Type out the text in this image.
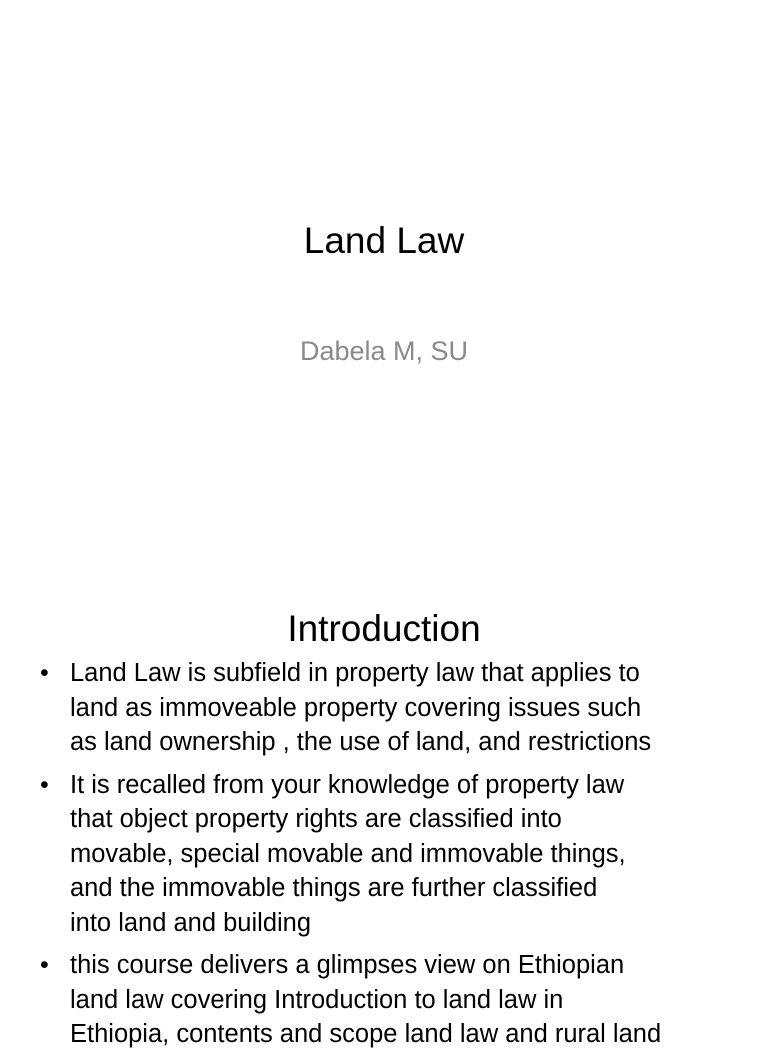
Land Law
Dabela M, SU
Introduction
• Land Law is subfield in property law that applies to
land as immoveable property covering issues such
as land ownership , the use of land, and restrictions
• It is recalled from your knowledge of property law
that object property rights are classified into
movable, special movable and immovable things,
and the immovable things are further classified
into land and building
• this course delivers a glimpses view on Ethiopian
land law covering Introduction to land law in
Ethiopia, contents and scope land law and rural land
